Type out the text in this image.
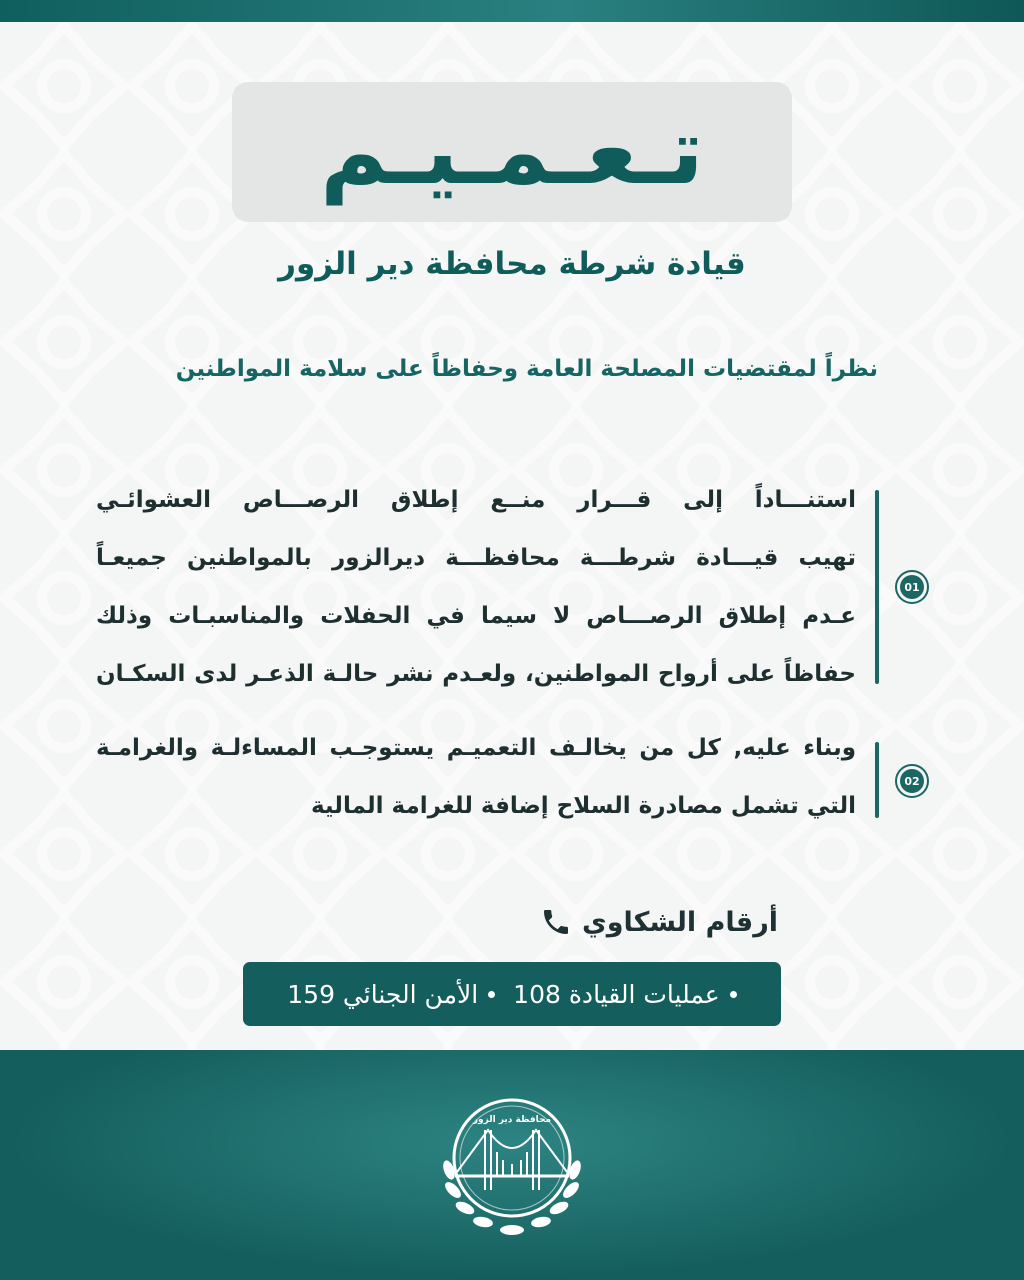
تـعـمـيـم
قيادة شرطة محافظة دير الزور
نظراً لمقتضيات المصلحة العامة وحفاظاً على سلامة المواطنين
01

استنـــاداً إلى قـــرار منــع إطلاق الرصـــاص العشوائـي

تهيب قيـــادة شرطـــة محافظـــة ديرالزور بالمواطنين جميعـاً

عـدم إطلاق الرصـــاص لا سيما في الحفلات والمناسبـات وذلك

حفاظاً على أرواح المواطنين، ولعـدم نشر حالـة الذعـر لدى السكـان

02

وبناء عليه, كل من يخالـف التعميـم يستوجـب المساءلـة والغرامـة

التي تشمل مصادرة السلاح إضافة للغرامة المالية

أرقام الشكاوي
عمليات القيادة 108
الأمن الجنائي 159
محافظة دير الزور
